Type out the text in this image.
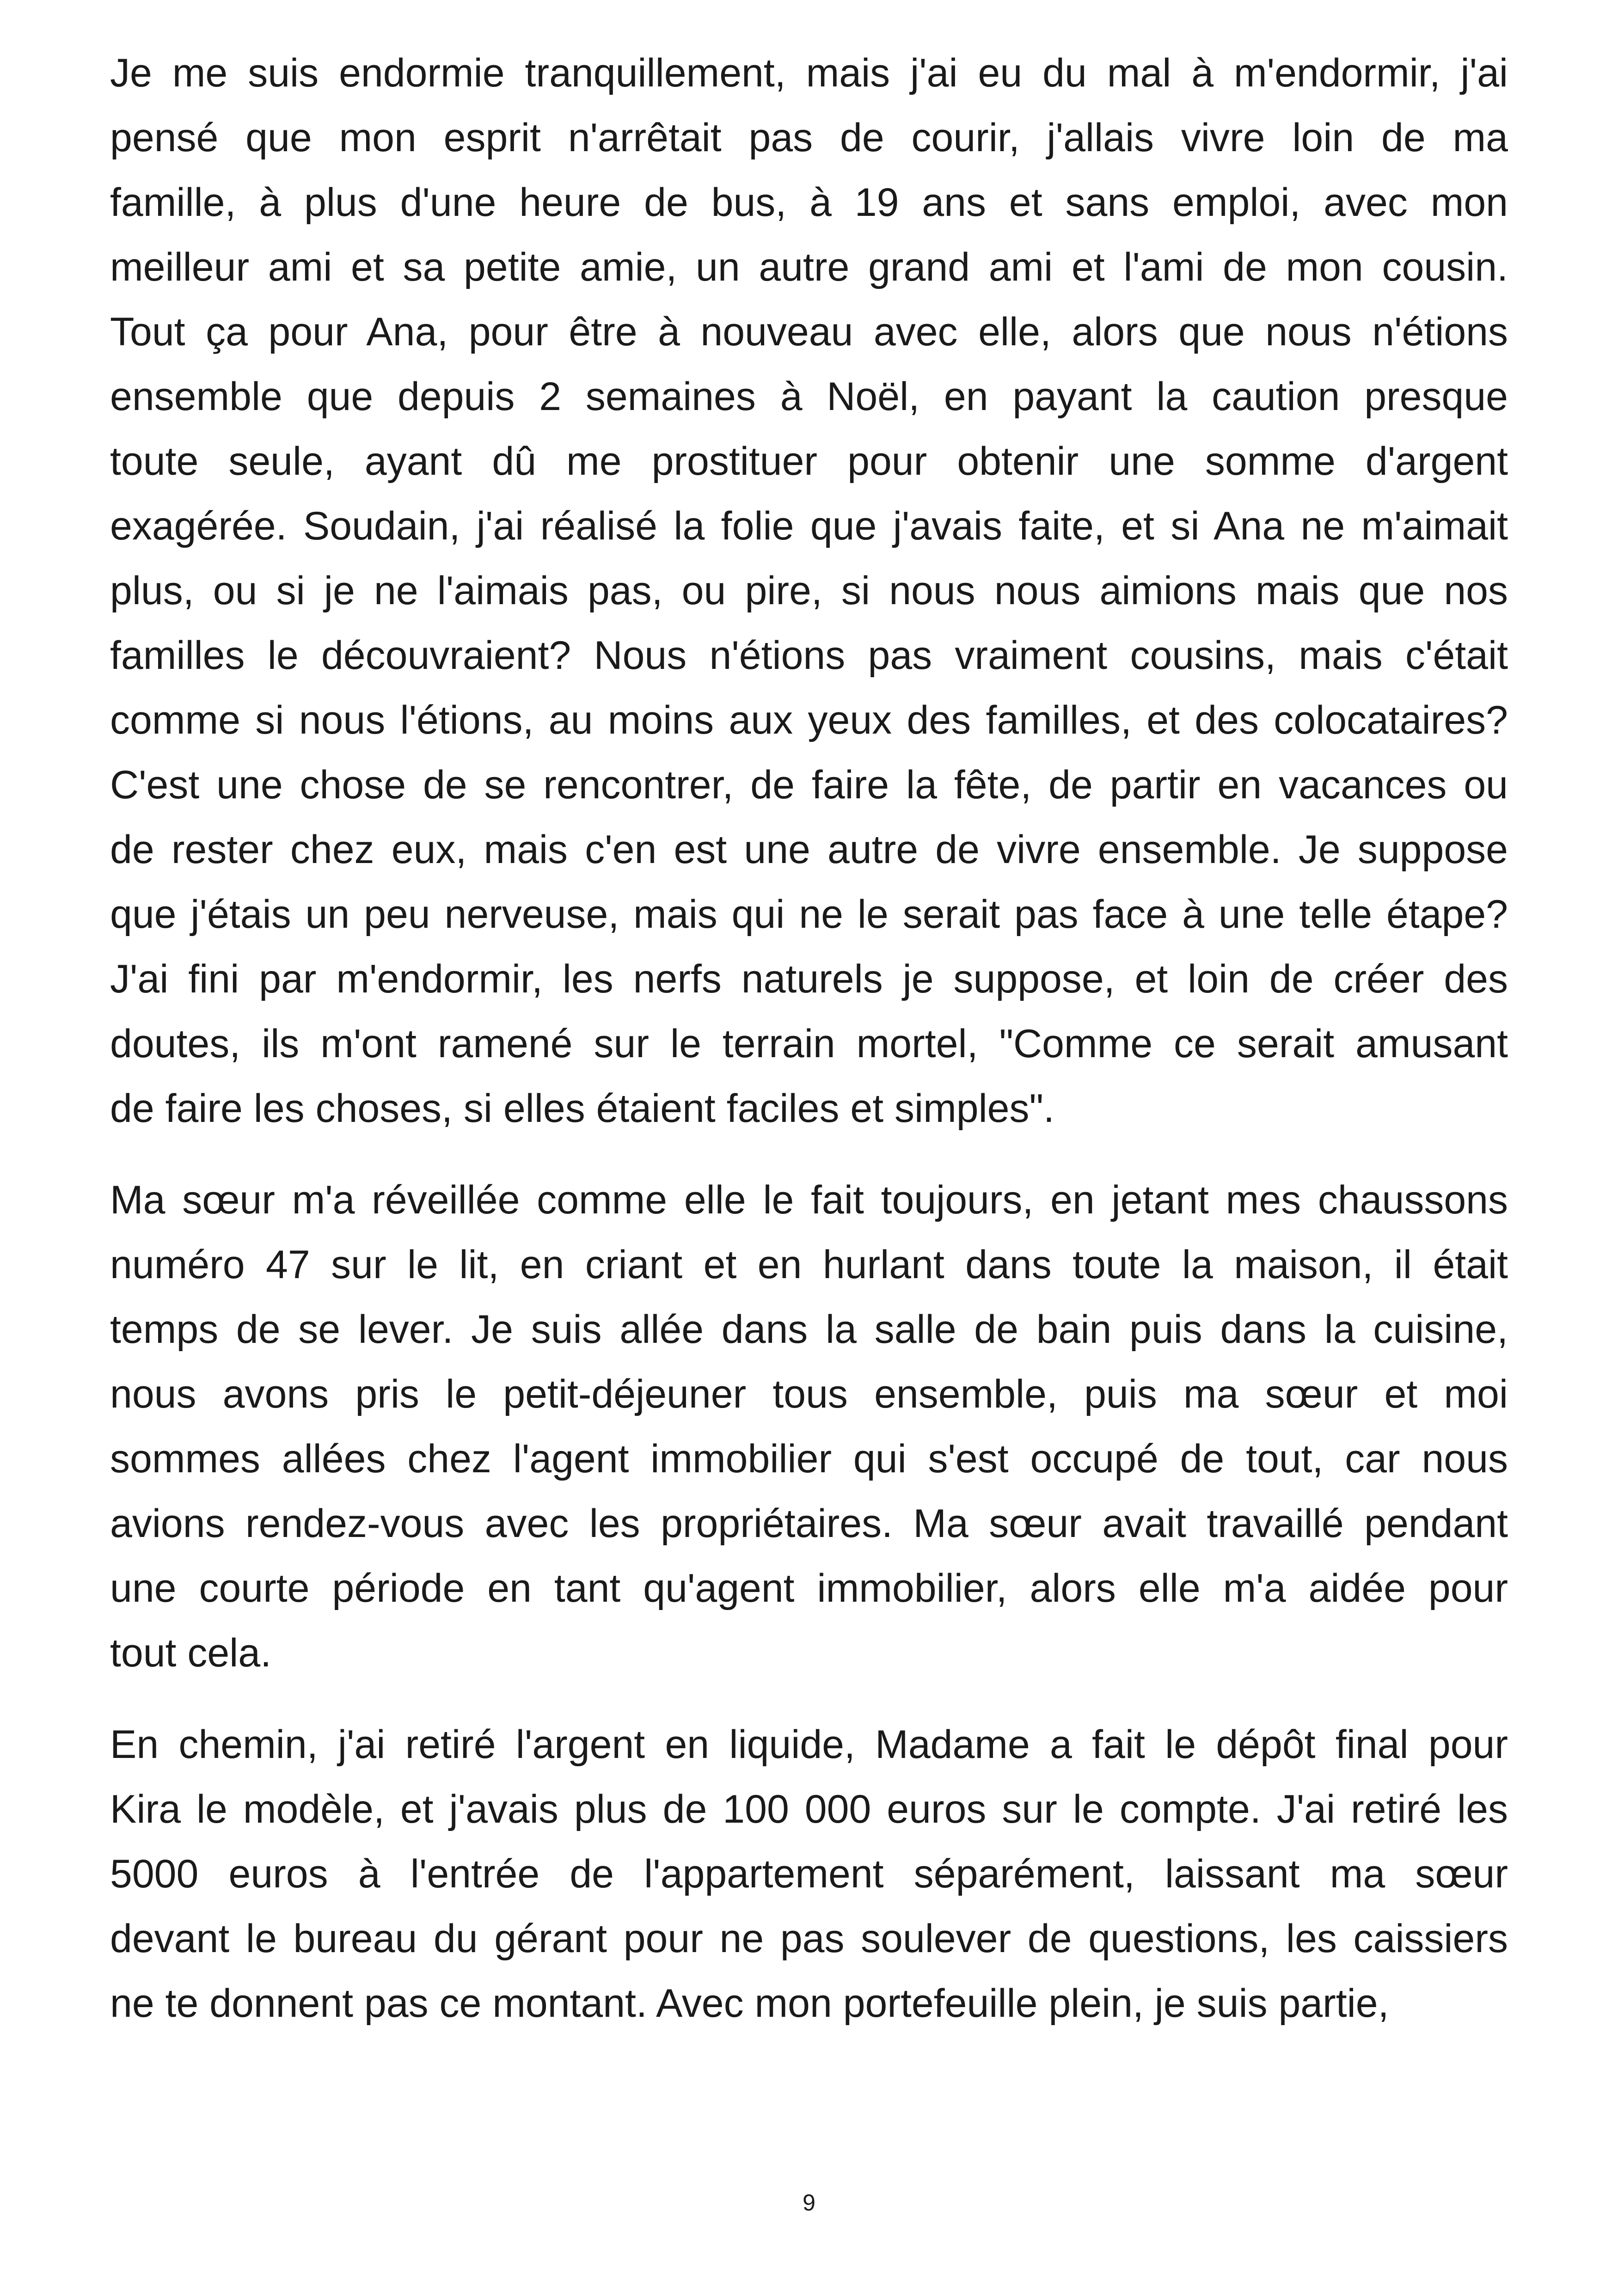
Je me suis endormie tranquillement, mais j'ai eu du mal à m'endormir, j'ai
pensé que mon esprit n'arrêtait pas de courir, j'allais vivre loin de ma
famille, à plus d'une heure de bus, à 19 ans et sans emploi, avec mon
meilleur ami et sa petite amie, un autre grand ami et l'ami de mon cousin.
Tout ça pour Ana, pour être à nouveau avec elle, alors que nous n'étions
ensemble que depuis 2 semaines à Noël, en payant la caution presque
toute seule, ayant dû me prostituer pour obtenir une somme d'argent
exagérée. Soudain, j'ai réalisé la folie que j'avais faite, et si Ana ne m'aimait
plus, ou si je ne l'aimais pas, ou pire, si nous nous aimions mais que nos
familles le découvraient? Nous n'étions pas vraiment cousins, mais c'était
comme si nous l'étions, au moins aux yeux des familles, et des colocataires?
C'est une chose de se rencontrer, de faire la fête, de partir en vacances ou
de rester chez eux, mais c'en est une autre de vivre ensemble. Je suppose
que j'étais un peu nerveuse, mais qui ne le serait pas face à une telle étape?
J'ai fini par m'endormir, les nerfs naturels je suppose, et loin de créer des
doutes, ils m'ont ramené sur le terrain mortel, "Comme ce serait amusant
de faire les choses, si elles étaient faciles et simples".
Ma sœur m'a réveillée comme elle le fait toujours, en jetant mes chaussons
numéro 47 sur le lit, en criant et en hurlant dans toute la maison, il était
temps de se lever. Je suis allée dans la salle de bain puis dans la cuisine,
nous avons pris le petit-déjeuner tous ensemble, puis ma sœur et moi
sommes allées chez l'agent immobilier qui s'est occupé de tout, car nous
avions rendez-vous avec les propriétaires. Ma sœur avait travaillé pendant
une courte période en tant qu'agent immobilier, alors elle m'a aidée pour
tout cela.
En chemin, j'ai retiré l'argent en liquide, Madame a fait le dépôt final pour
Kira le modèle, et j'avais plus de 100 000 euros sur le compte. J'ai retiré les
5000 euros à l'entrée de l'appartement séparément, laissant ma sœur
devant le bureau du gérant pour ne pas soulever de questions, les caissiers
ne te donnent pas ce montant. Avec mon portefeuille plein, je suis partie,
9
